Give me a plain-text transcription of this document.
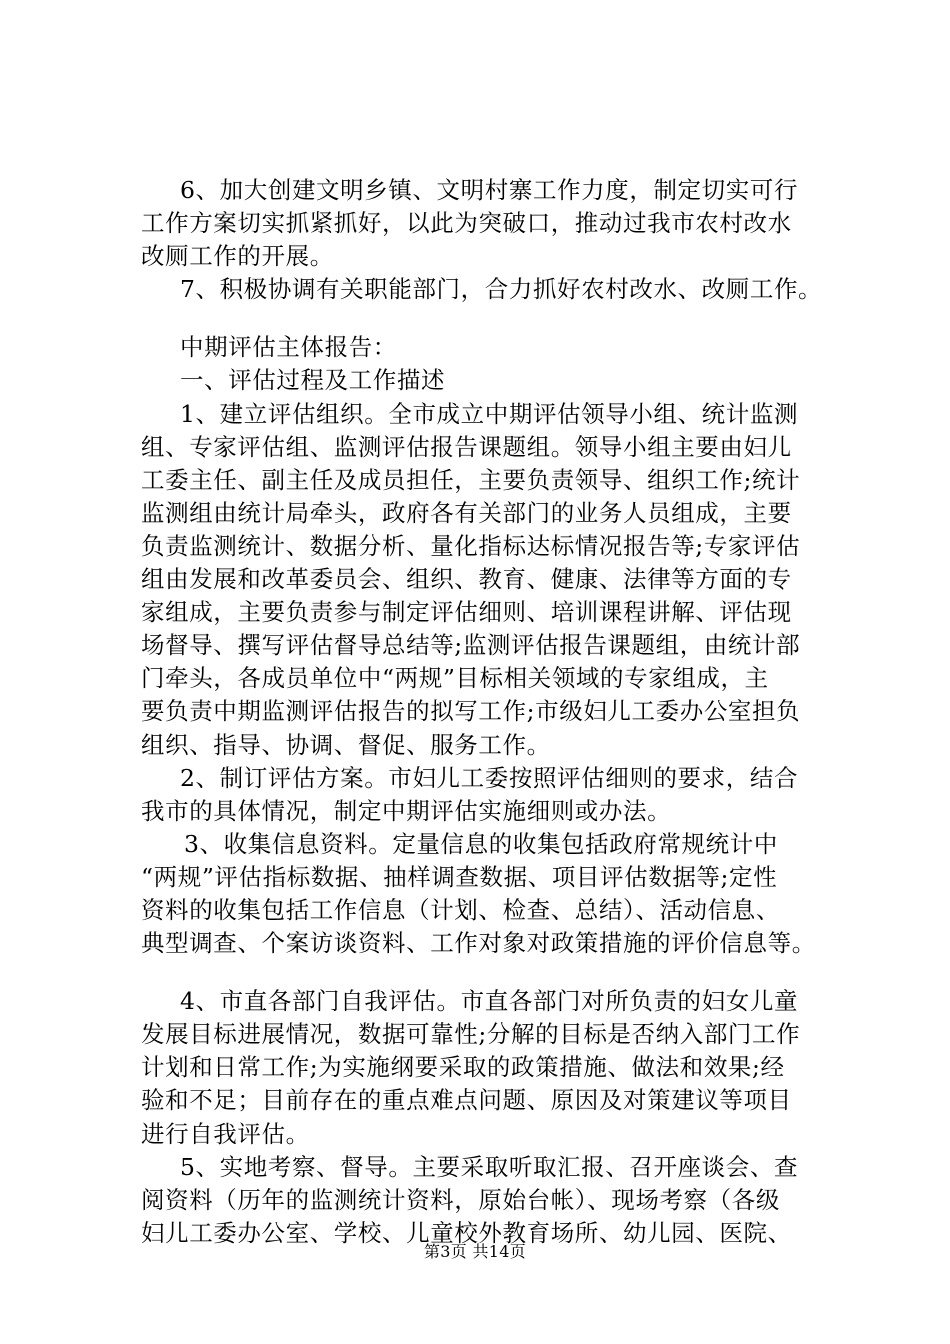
6、加大创建文明乡镇、文明村寨工作力度，制定切实可行
工作方案切实抓紧抓好，以此为突破口，推动过我市农村改水
改厕工作的开展。
7、积极协调有关职能部门，合力抓好农村改水、改厕工作。
中期评估主体报告：
一、评估过程及工作描述
1、建立评估组织。全市成立中期评估领导小组、统计监测
组、专家评估组、监测评估报告课题组。领导小组主要由妇儿
工委主任、副主任及成员担任，主要负责领导、组织工作;统计
监测组由统计局牵头，政府各有关部门的业务人员组成，主要
负责监测统计、数据分析、量化指标达标情况报告等;专家评估
组由发展和改革委员会、组织、教育、健康、法律等方面的专
家组成，主要负责参与制定评估细则、培训课程讲解、评估现
场督导、撰写评估督导总结等;监测评估报告课题组，由统计部
门牵头，各成员单位中“两规”目标相关领域的专家组成，主
要负责中期监测评估报告的拟写工作;市级妇儿工委办公室担负
组织、指导、协调、督促、服务工作。
2、制订评估方案。市妇儿工委按照评估细则的要求，结合
我市的具体情况，制定中期评估实施细则或办法。
3、收集信息资料。定量信息的收集包括政府常规统计中
“两规”评估指标数据、抽样调查数据、项目评估数据等;定性
资料的收集包括工作信息（计划、检查、总结）、活动信息、
典型调查、个案访谈资料、工作对象对政策措施的评价信息等。
4、市直各部门自我评估。市直各部门对所负责的妇女儿童
发展目标进展情况，数据可靠性;分解的目标是否纳入部门工作
计划和日常工作;为实施纲要采取的政策措施、做法和效果;经
验和不足；目前存在的重点难点问题、原因及对策建议等项目
进行自我评估。
5、实地考察、督导。主要采取听取汇报、召开座谈会、查
阅资料（历年的监测统计资料，原始台帐）、现场考察（各级
妇儿工委办公室、学校、儿童校外教育场所、幼儿园、医院、
第3页 共14页
